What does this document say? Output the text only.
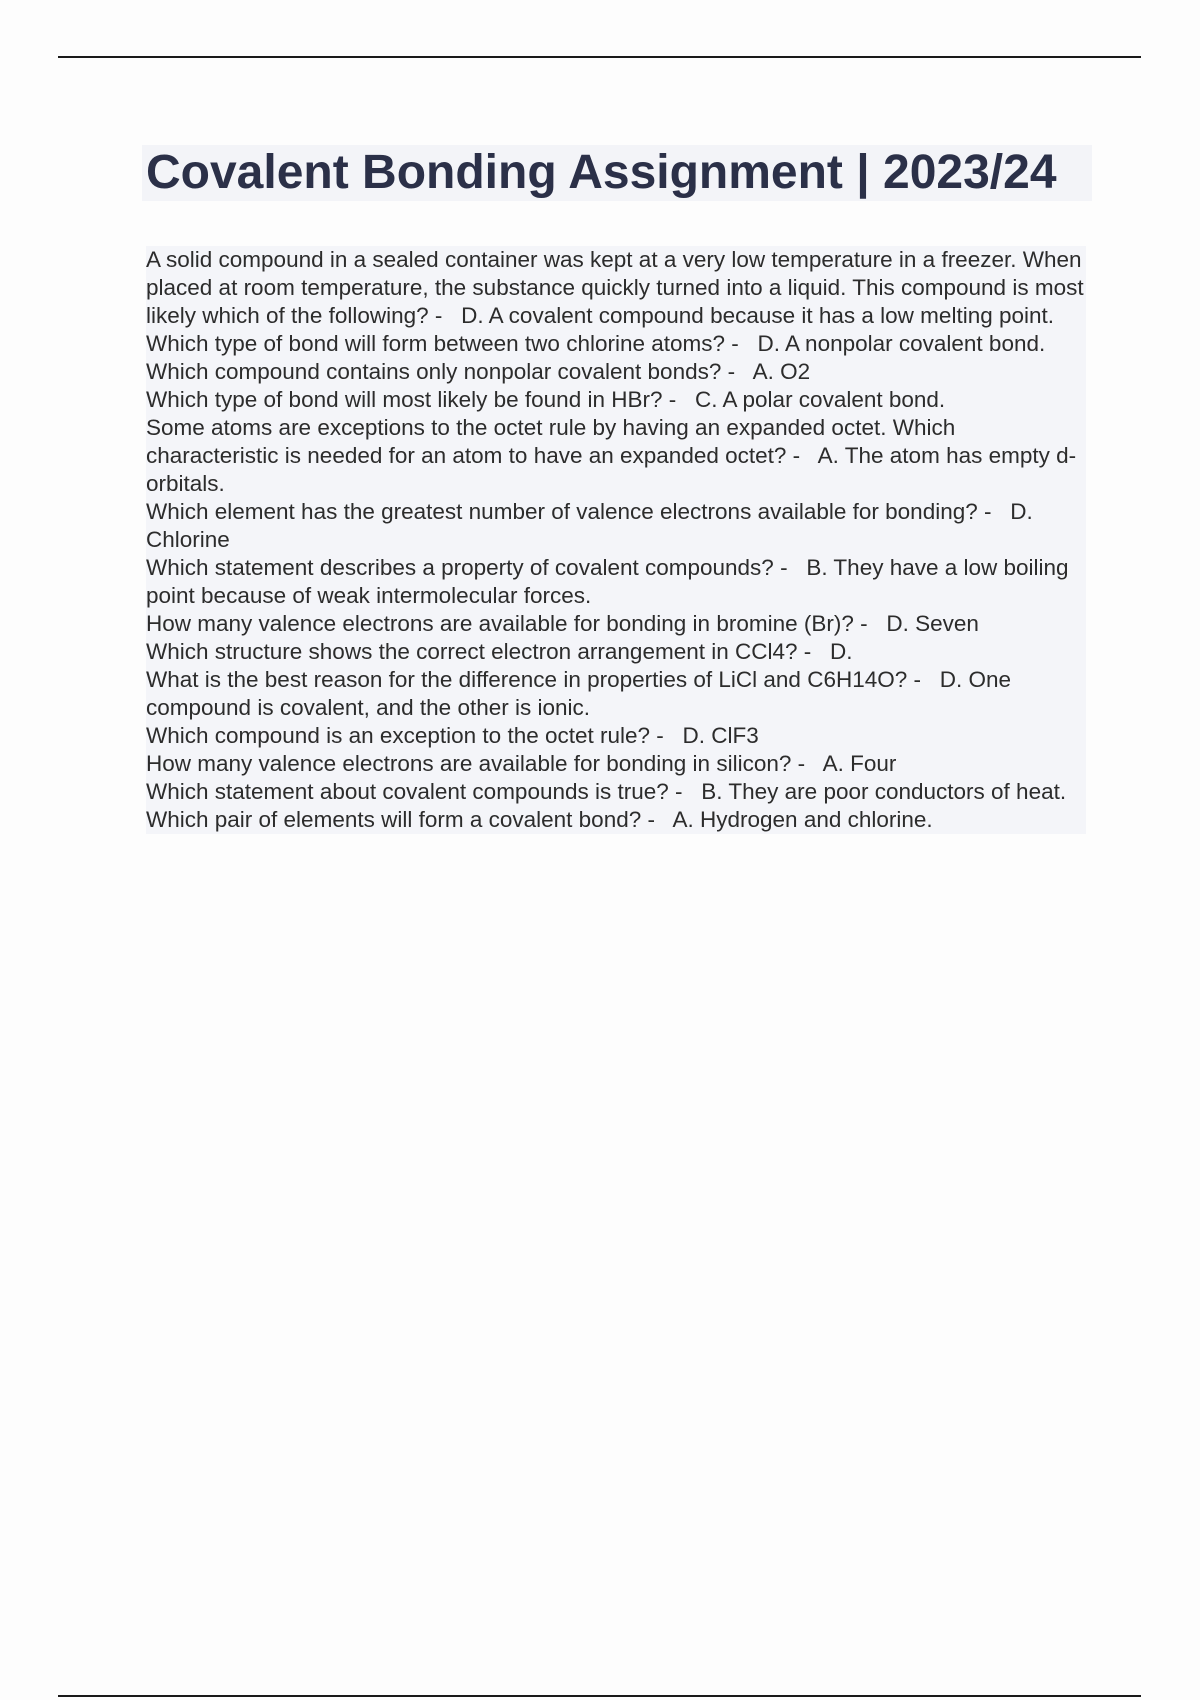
Covalent Bonding Assignment | 2023/24
A solid compound in a sealed container was kept at a very low temperature in a freezer. When placed at room temperature, the substance quickly turned into a liquid. This compound is most likely which of the following? -   D. A covalent compound because it has a low melting point.
Which type of bond will form between two chlorine atoms? -   D. A nonpolar covalent bond.
Which compound contains only nonpolar covalent bonds? -   A. O2
Which type of bond will most likely be found in HBr? -   C. A polar covalent bond.
Some atoms are exceptions to the octet rule by having an expanded octet. Which characteristic is needed for an atom to have an expanded octet? -   A. The atom has empty d-orbitals.
Which element has the greatest number of valence electrons available for bonding? -   D. Chlorine
Which statement describes a property of covalent compounds? -   B. They have a low boiling point because of weak intermolecular forces.
How many valence electrons are available for bonding in bromine (Br)? -   D. Seven
Which structure shows the correct electron arrangement in CCl4? -   D.
What is the best reason for the difference in properties of LiCl and C6H14O? -   D. One compound is covalent, and the other is ionic.
Which compound is an exception to the octet rule? -   D. ClF3
How many valence electrons are available for bonding in silicon? -   A. Four
Which statement about covalent compounds is true? -   B. They are poor conductors of heat.
Which pair of elements will form a covalent bond? -   A. Hydrogen and chlorine.
